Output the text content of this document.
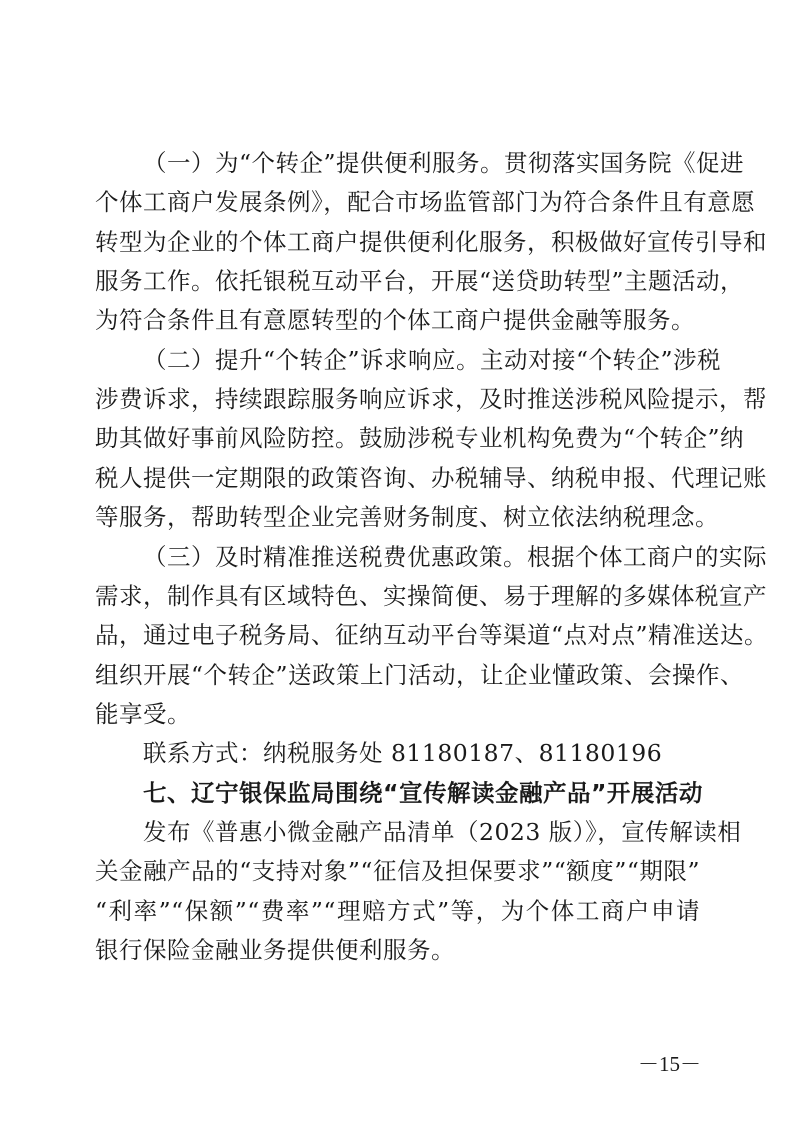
（一）为“个转企”提供便利服务。贯彻落实国务院《促进
个体工商户发展条例》，配合市场监管部门为符合条件且有意愿
转型为企业的个体工商户提供便利化服务，积极做好宣传引导和
服务工作。依托银税互动平台，开展“送贷助转型”主题活动，
为符合条件且有意愿转型的个体工商户提供金融等服务。
（二）提升“个转企”诉求响应。主动对接“个转企”涉税
涉费诉求，持续跟踪服务响应诉求，及时推送涉税风险提示，帮
助其做好事前风险防控。鼓励涉税专业机构免费为“个转企”纳
税人提供一定期限的政策咨询、办税辅导、纳税申报、代理记账
等服务，帮助转型企业完善财务制度、树立依法纳税理念。
（三）及时精准推送税费优惠政策。根据个体工商户的实际
需求，制作具有区域特色、实操简便、易于理解的多媒体税宣产
品，通过电子税务局、征纳互动平台等渠道“点对点”精准送达。
组织开展“个转企”送政策上门活动，让企业懂政策、会操作、
能享受。
联系方式：纳税服务处 81180187、81180196
七、辽宁银保监局围绕“宣传解读金融产品”开展活动
发布《普惠小微金融产品清单（2023 版）》，宣传解读相
关金融产品的“支持对象”“征信及担保要求”“额度”“期限”
“利率”“保额”“费率”“理赔方式”等，为个体工商户申请
银行保险金融业务提供便利服务。
－15－
